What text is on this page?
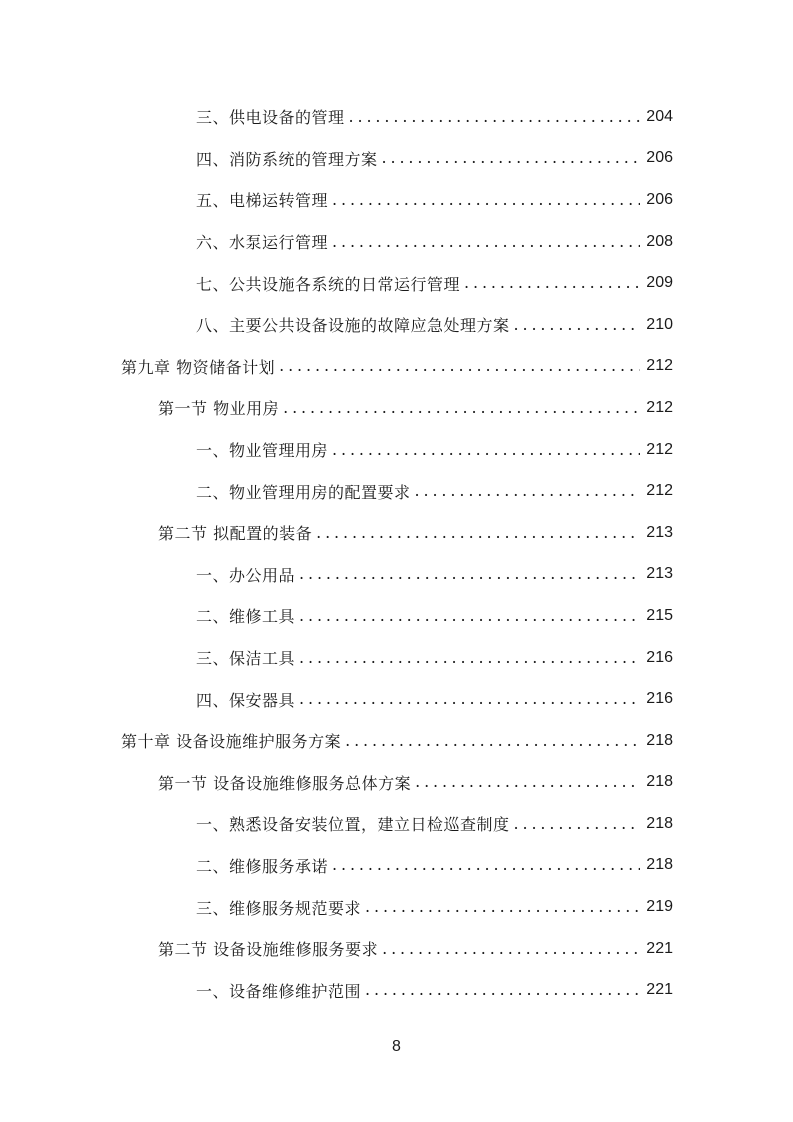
三、供电设备的管理 . . .	204
四、消防系统的管理方案 . . .	206
五、电梯运转管理 . . .	206
六、水泵运行管理 . . .	208
七、公共设施各系统的日常运行管理 . . .	209
八、主要公共设备设施的故障应急处理方案 . . .	210
第九章 物资储备计划 . . .	212
第一节 物业用房 . . .	212
一、物业管理用房 . . .	212
二、物业管理用房的配置要求 . . .	212
第二节 拟配置的装备 . . .	213
一、办公用品 . . .	213
二、维修工具 . . .	215
三、保洁工具 . . .	216
四、保安器具 . . .	216
第十章 设备设施维护服务方案 . . .	218
第一节 设备设施维修服务总体方案 . . .	218
一、熟悉设备安装位置，建立日检巡查制度 . . .	218
二、维修服务承诺 . . .	218
三、维修服务规范要求 . . .	219
第二节 设备设施维修服务要求 . . .	221
一、设备维修维护范围 . . .	221
8
